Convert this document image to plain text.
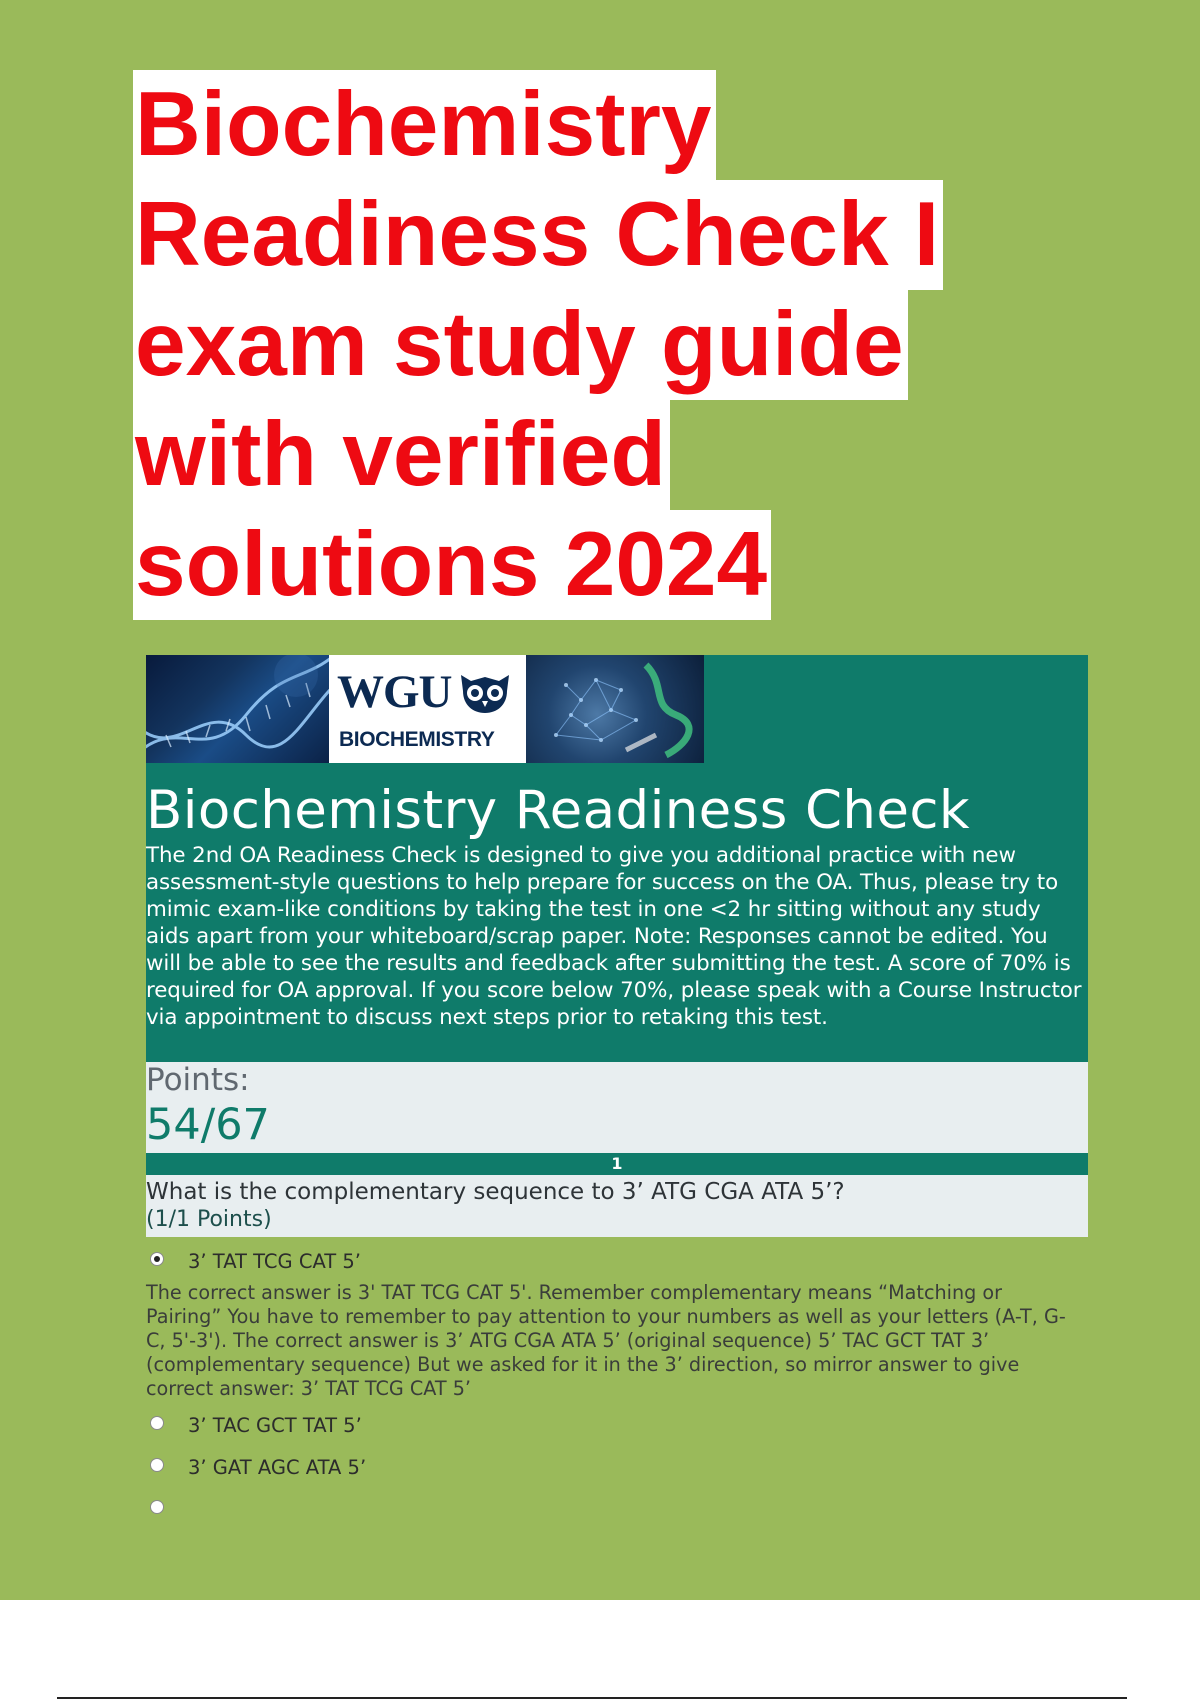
Biochemistry
Readiness Check I
exam study guide
with verified
solutions 2024
WGU
BIOCHEMISTRY
Biochemistry Readiness Check

The 2nd OA Readiness Check is designed to give you additional practice with new assessment-style questions to help prepare for success on the OA. Thus, please try to mimic exam-like conditions by taking the test in one <2 hr sitting without any study aids apart from your whiteboard/scrap paper. Note: Responses cannot be edited. You will be able to see the results and feedback after submitting the test. A score of 70% is required for OA approval. If you score below 70%, please speak with a Course Instructor via appointment to discuss next steps prior to retaking this test.

Points:
54/67
1
What is the complementary sequence to 3’ ATG CGA ATA 5’?
(1/1 Points)
3’ TAT TCG CAT 5’

The correct answer is 3' TAT TCG CAT 5'. Remember complementary means “Matching or Pairing” You have to remember to pay attention to your numbers as well as your letters (A-T, G-C, 5'-3'). The correct answer is 3’ ATG CGA ATA 5’ (original sequence) 5’ TAC GCT TAT 3’ (complementary sequence) But we asked for it in the 3’ direction, so mirror answer to give correct answer: 3’ TAT TCG CAT 5’

3’ TAC GCT TAT 5’
3’ GAT AGC ATA 5’
